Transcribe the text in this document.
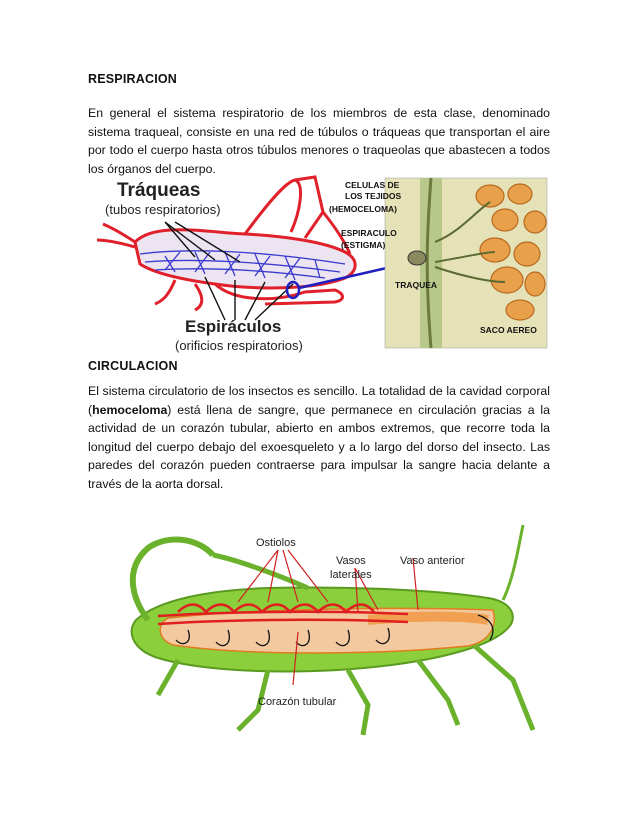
RESPIRACION
En general el sistema respiratorio de los miembros de esta clase, denominado sistema traqueal, consiste en una red de túbulos o tráqueas que transportan el aire por todo el cuerpo hasta otros túbulos menores o traqueolas que abastecen a todos los órganos del cuerpo.
Tráqueas
(tubos respiratorios)
Espiráculos
(orificios respiratorios)
CELULAS DE
LOS TEJIDOS
(HEMOCELOMA)
ESPIRACULO
(ESTIGMA)
TRAQUEA
SACO AEREO
CIRCULACION
El sistema circulatorio de los insectos es sencillo. La totalidad de la cavidad corporal (hemoceloma) está llena de sangre, que permanece en circulación gracias a la actividad de un corazón tubular, abierto en ambos extremos, que recorre toda la longitud del cuerpo debajo del exoesqueleto y a lo largo del dorso del insecto. Las paredes del corazón pueden contraerse para impulsar la sangre hacia delante a través de la aorta dorsal.
Ostiolos
Vasos
laterales
Vaso anterior
Corazón tubular
